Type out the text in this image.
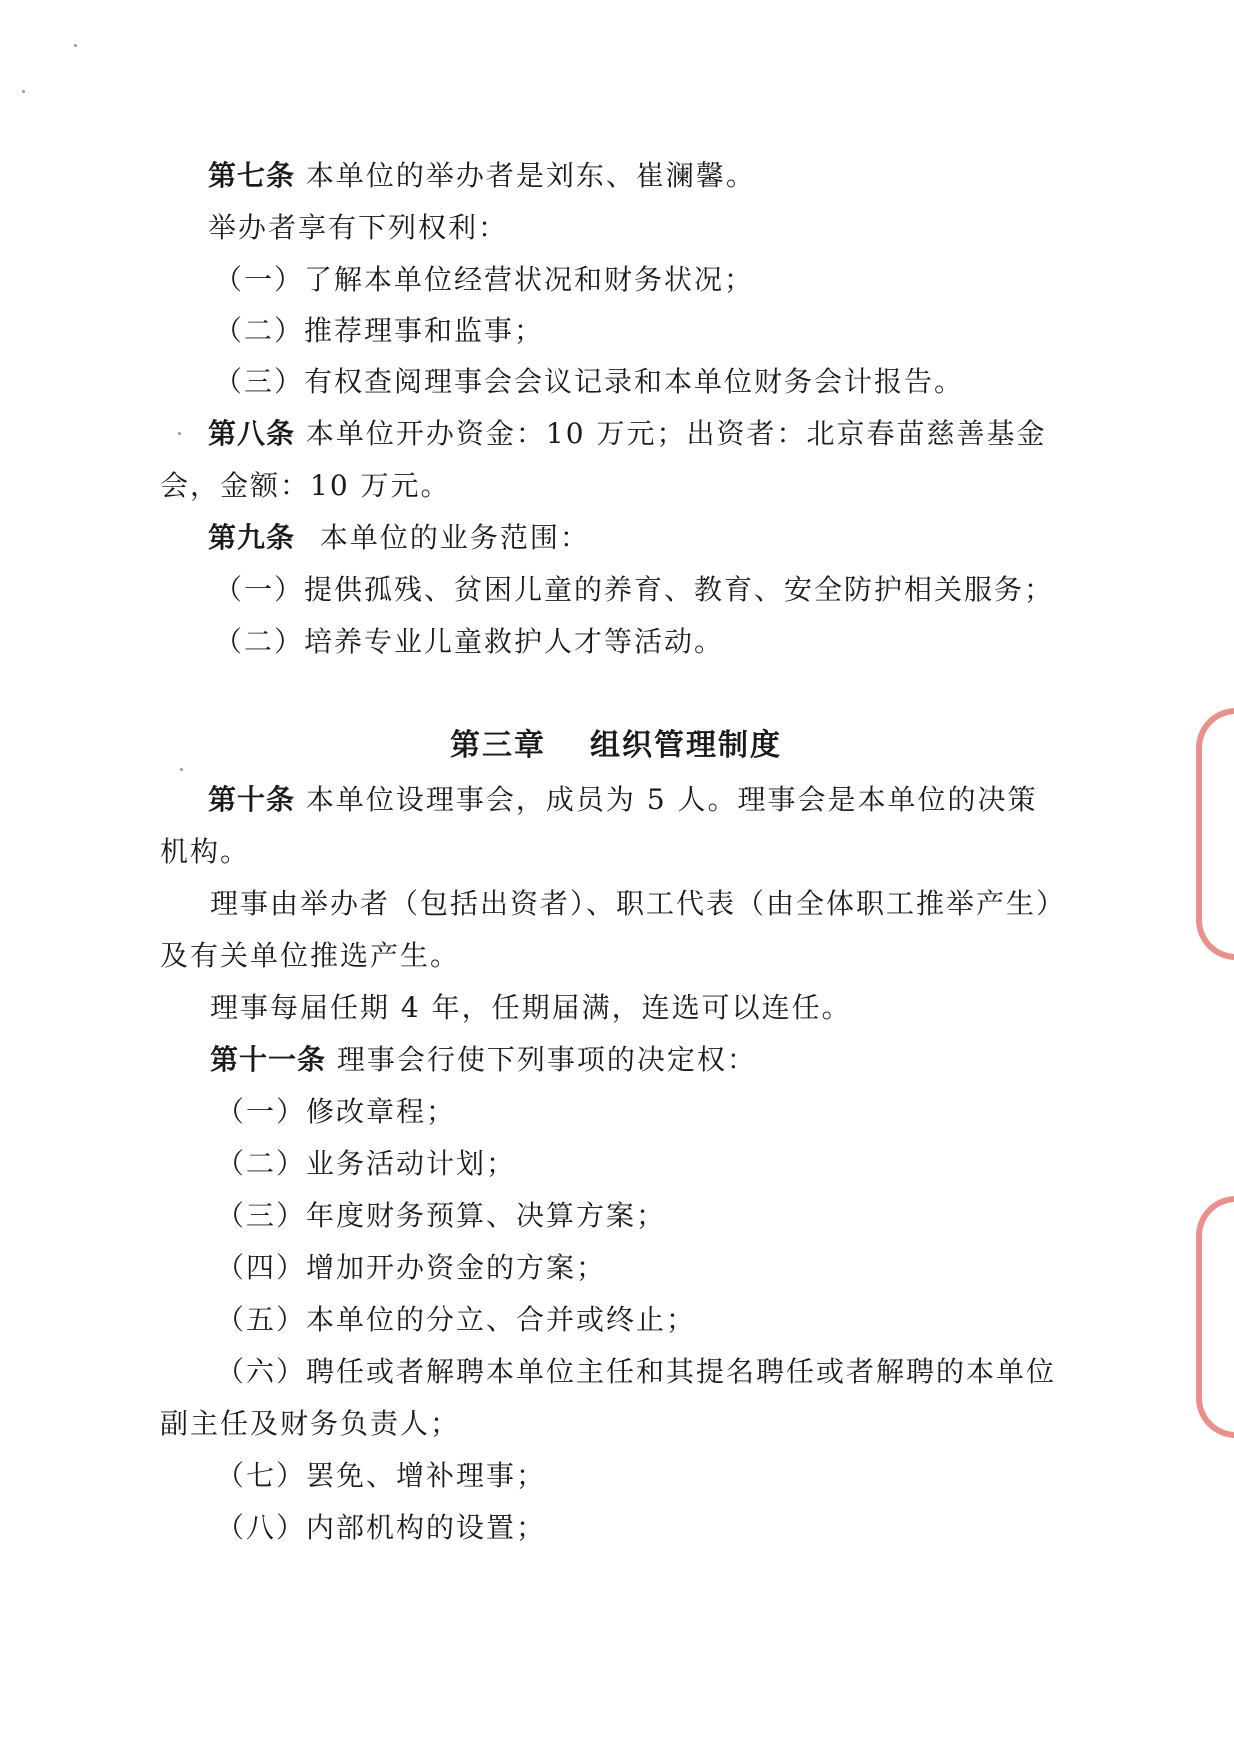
第七条 本单位的举办者是刘东、崔澜馨。
举办者享有下列权利：
（一）了解本单位经营状况和财务状况；
（二）推荐理事和监事；
（三）有权查阅理事会会议记录和本单位财务会计报告。
第八条 本单位开办资金：10 万元；出资者：北京春苗慈善基金
会，金额：10 万元。
第九条 本单位的业务范围：
（一）提供孤残、贫困儿童的养育、教育、安全防护相关服务；
（二）培养专业儿童救护人才等活动。
第三章 组织管理制度
第十条 本单位设理事会，成员为 5 人。理事会是本单位的决策
机构。
理事由举办者（包括出资者）、职工代表（由全体职工推举产生）
及有关单位推选产生。
理事每届任期 4 年，任期届满，连选可以连任。
第十一条 理事会行使下列事项的决定权：
（一）修改章程；
（二）业务活动计划；
（三）年度财务预算、决算方案；
（四）增加开办资金的方案；
（五）本单位的分立、合并或终止；
（六）聘任或者解聘本单位主任和其提名聘任或者解聘的本单位
副主任及财务负责人；
（七）罢免、增补理事；
（八）内部机构的设置；
